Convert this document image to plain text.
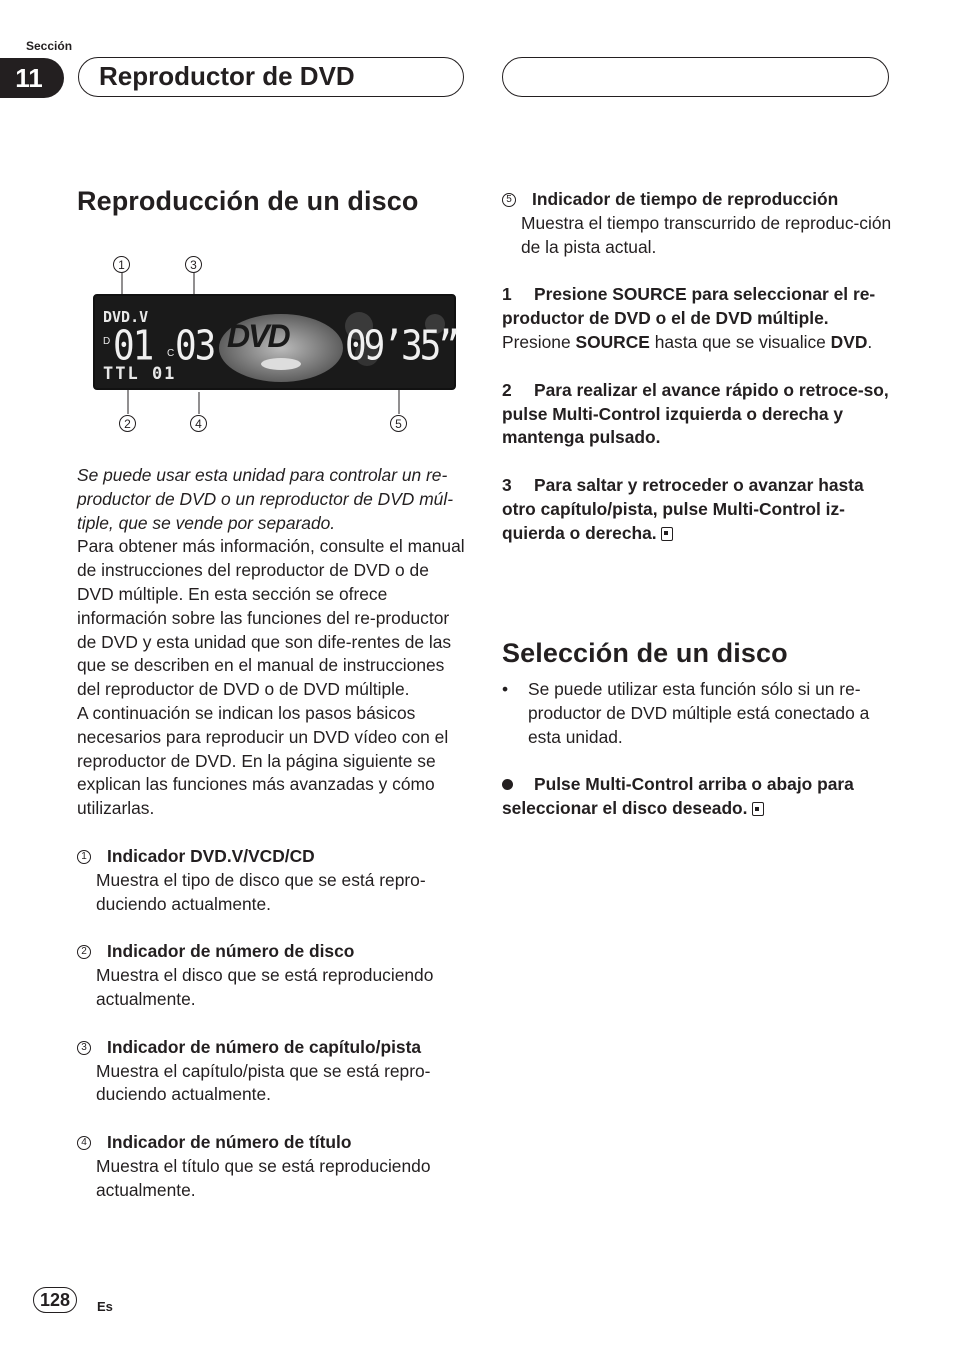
Sección
11	Reproductor de DVD
Reproducción de un disco
1	3
2	4	5
DVD.V
D 01 C 03 DVD 09’35”
TTL 01

Se puede usar esta unidad para controlar un re-productor de DVD o un reproductor de DVD múl-tiple, que se vende por separado.

Para obtener más información, consulte el manual de instrucciones del reproductor de DVD o de DVD múltiple. En esta sección se ofrece información sobre las funciones del re-productor de DVD y esta unidad que son dife-rentes de las que se describen en el manual de instrucciones del reproductor de DVD o de DVD múltiple.

A continuación se indican los pasos básicos necesarios para reproducir un DVD vídeo con el reproductor de DVD. En la página siguiente se explican las funciones más avanzadas y cómo utilizarlas.

1 Indicador DVD.V/VCD/CD
Muestra el tipo de disco que se está repro-duciendo actualmente.
2 Indicador de número de disco
Muestra el disco que se está reproduciendo actualmente.
3 Indicador de número de capítulo/pista
Muestra el capítulo/pista que se está repro-duciendo actualmente.
4 Indicador de número de título
Muestra el título que se está reproduciendo actualmente.
5 Indicador de tiempo de reproducción
Muestra el tiempo transcurrido de reproduc-ción de la pista actual.

1 Presione SOURCE para seleccionar el re-productor de DVD o el de DVD múltiple.

Presione SOURCE hasta que se visualice DVD.

2 Para realizar el avance rápido o retroce-so, pulse Multi-Control izquierda o derecha y mantenga pulsado.

3 Para saltar y retroceder o avanzar hasta otro capítulo/pista, pulse Multi-Control iz-quierda o derecha.

Selección de un disco
•	Se puede utilizar esta función sólo si un re-productor de DVD múltiple está conectado a esta unidad.

Pulse Multi-Control arriba o abajo para seleccionar el disco deseado.

128	Es
